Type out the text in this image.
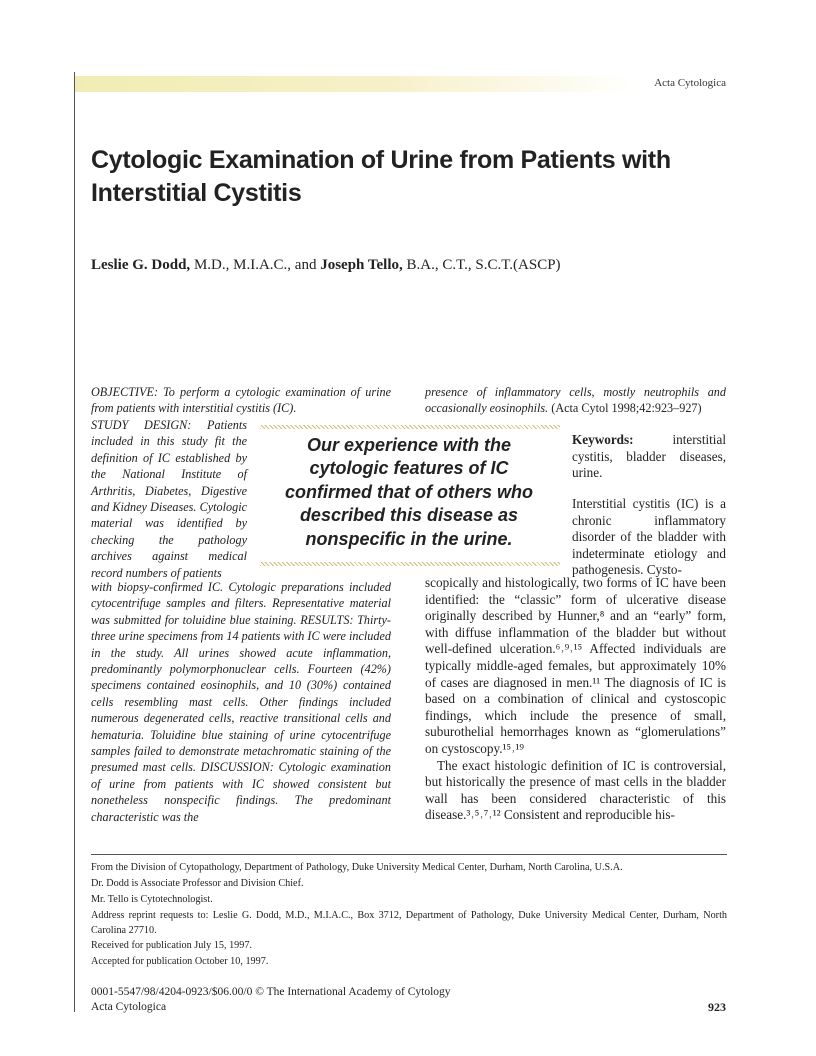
Acta Cytologica
Cytologic Examination of Urine from Patients with Interstitial Cystitis
Leslie G. Dodd, M.D., M.I.A.C., and Joseph Tello, B.A., C.T., S.C.T.(ASCP)
OBJECTIVE: To perform a cytologic examination of urine from patients with interstitial cystitis (IC).
STUDY DESIGN: Patients included in this study fit the definition of IC established by the National Institute of Arthritis, Diabetes, Digestive and Kidney Diseases. Cytologic material was identified by checking the pathology archives against medical record numbers of patients
with biopsy-confirmed IC. Cytologic preparations included cytocentrifuge samples and filters. Representative material was submitted for toluidine blue staining. RESULTS: Thirty-three urine specimens from 14 patients with IC were included in the study. All urines showed acute inflammation, predominantly polymorphonuclear cells. Fourteen (42%) specimens contained eosinophils, and 10 (30%) contained cells resembling mast cells. Other findings included numerous degenerated cells, reactive transitional cells and hematuria. Toluidine blue staining of urine cytocentrifuge samples failed to demonstrate metachromatic staining of the presumed mast cells. DISCUSSION: Cytologic examination of urine from patients with IC showed consistent but nonetheless nonspecific findings. The predominant characteristic was the
presence of inflammatory cells, mostly neutrophils and occasionally eosinophils. (Acta Cytol 1998;42:923–927)

Our experience with the cytologic features of IC confirmed that of others who described this disease as nonspecific in the urine.

Keywords:	interstitial cystitis, bladder diseases, urine.

Interstitial cystitis (IC) is a chronic inflammatory disorder of the bladder with indeterminate etiology and pathogenesis. Cysto-

scopically and histologically, two forms of IC have been identified: the “classic” form of ulcerative disease originally described by Hunner,⁸ and an “early” form, with diffuse inflammation of the bladder but without well-defined ulceration.⁶˒⁹˒¹⁵ Affected individuals are typically middle-aged females, but approximately 10% of cases are diagnosed in men.¹¹ The diagnosis of IC is based on a combination of clinical and cystoscopic findings, which include the presence of small, suburothelial hemorrhages known as “glomerulations” on cystoscopy.¹⁵˒¹⁹

The exact histologic definition of IC is controversial, but historically the presence of mast cells in the bladder wall has been considered characteristic of this disease.³˒⁵˒⁷˒¹² Consistent and reproducible his-

From the Division of Cytopathology, Department of Pathology, Duke University Medical Center, Durham, North Carolina, U.S.A.

Dr. Dodd is Associate Professor and Division Chief.

Mr. Tello is Cytotechnologist.

Address reprint requests to: Leslie G. Dodd, M.D., M.I.A.C., Box 3712, Department of Pathology, Duke University Medical Center, Durham, North Carolina 27710.

Received for publication July 15, 1997.

Accepted for publication October 10, 1997.

0001-5547/98/4204-0923/$06.00/0 © The International Academy of Cytology

Acta Cytologica	923
